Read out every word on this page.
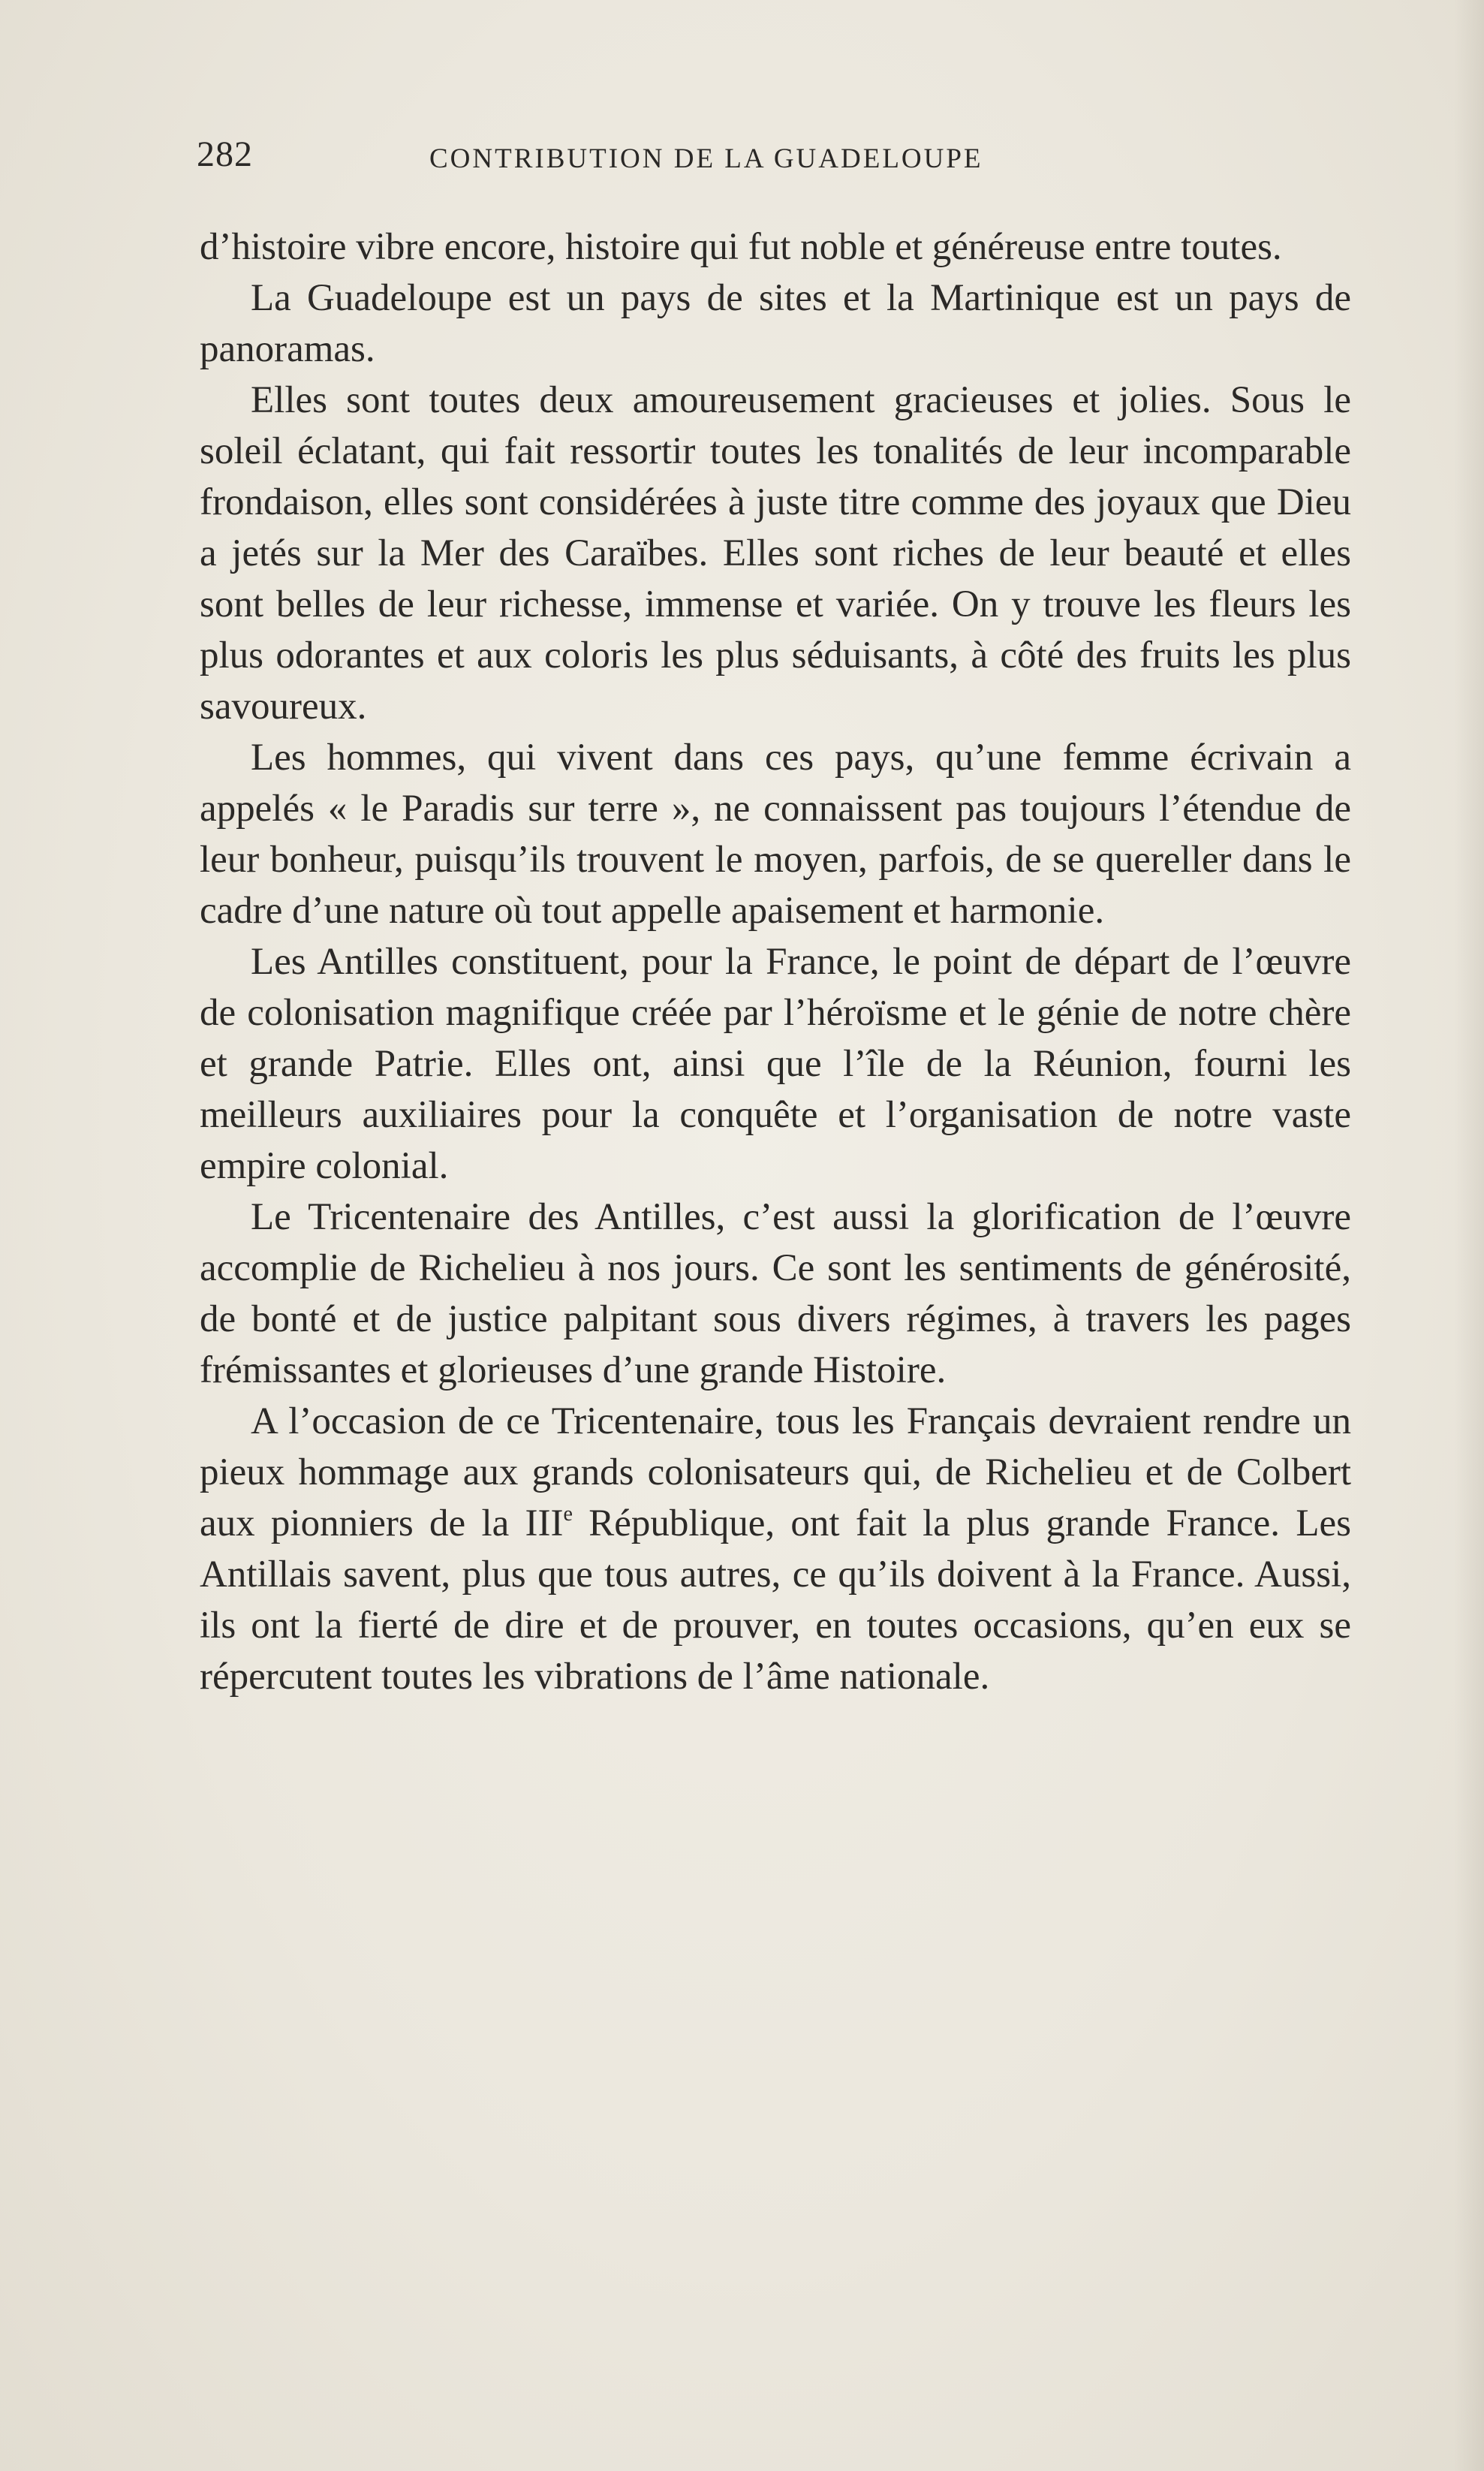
282	CONTRIBUTION DE LA GUADELOUPE

d’histoire vibre encore, histoire qui fut noble et généreuse entre toutes.

La Guadeloupe est un pays de sites et la Martinique est un pays de panoramas.

Elles sont toutes deux amoureusement gracieuses et jolies. Sous le soleil éclatant, qui fait ressortir toutes les tonalités de leur incomparable frondaison, elles sont considérées à juste titre comme des joyaux que Dieu a jetés sur la Mer des Caraïbes. Elles sont riches de leur beauté et elles sont belles de leur richesse, immense et variée. On y trouve les fleurs les plus odorantes et aux coloris les plus séduisants, à côté des fruits les plus savoureux.

Les hommes, qui vivent dans ces pays, qu’une femme écrivain a appelés « le Paradis sur terre », ne connaissent pas toujours l’étendue de leur bonheur, puisqu’ils trouvent le moyen, parfois, de se quereller dans le cadre d’une nature où tout appelle apaisement et harmonie.

Les Antilles constituent, pour la France, le point de départ de l’œuvre de colonisation magnifique créée par l’héroïsme et le génie de notre chère et grande Patrie. Elles ont, ainsi que l’île de la Réunion, fourni les meilleurs auxiliaires pour la conquête et l’organisation de notre vaste empire colonial.

Le Tricentenaire des Antilles, c’est aussi la glorification de l’œuvre accomplie de Richelieu à nos jours. Ce sont les sentiments de générosité, de bonté et de justice palpitant sous divers régimes, à travers les pages frémissantes et glorieuses d’une grande Histoire.

A l’occasion de ce Tricentenaire, tous les Français devraient rendre un pieux hommage aux grands colonisateurs qui, de Richelieu et de Colbert aux pionniers de la IIIe République, ont fait la plus grande France. Les Antillais savent, plus que tous autres, ce qu’ils doivent à la France. Aussi, ils ont la fierté de dire et de prouver, en toutes occasions, qu’en eux se répercutent toutes les vibrations de l’âme nationale.
